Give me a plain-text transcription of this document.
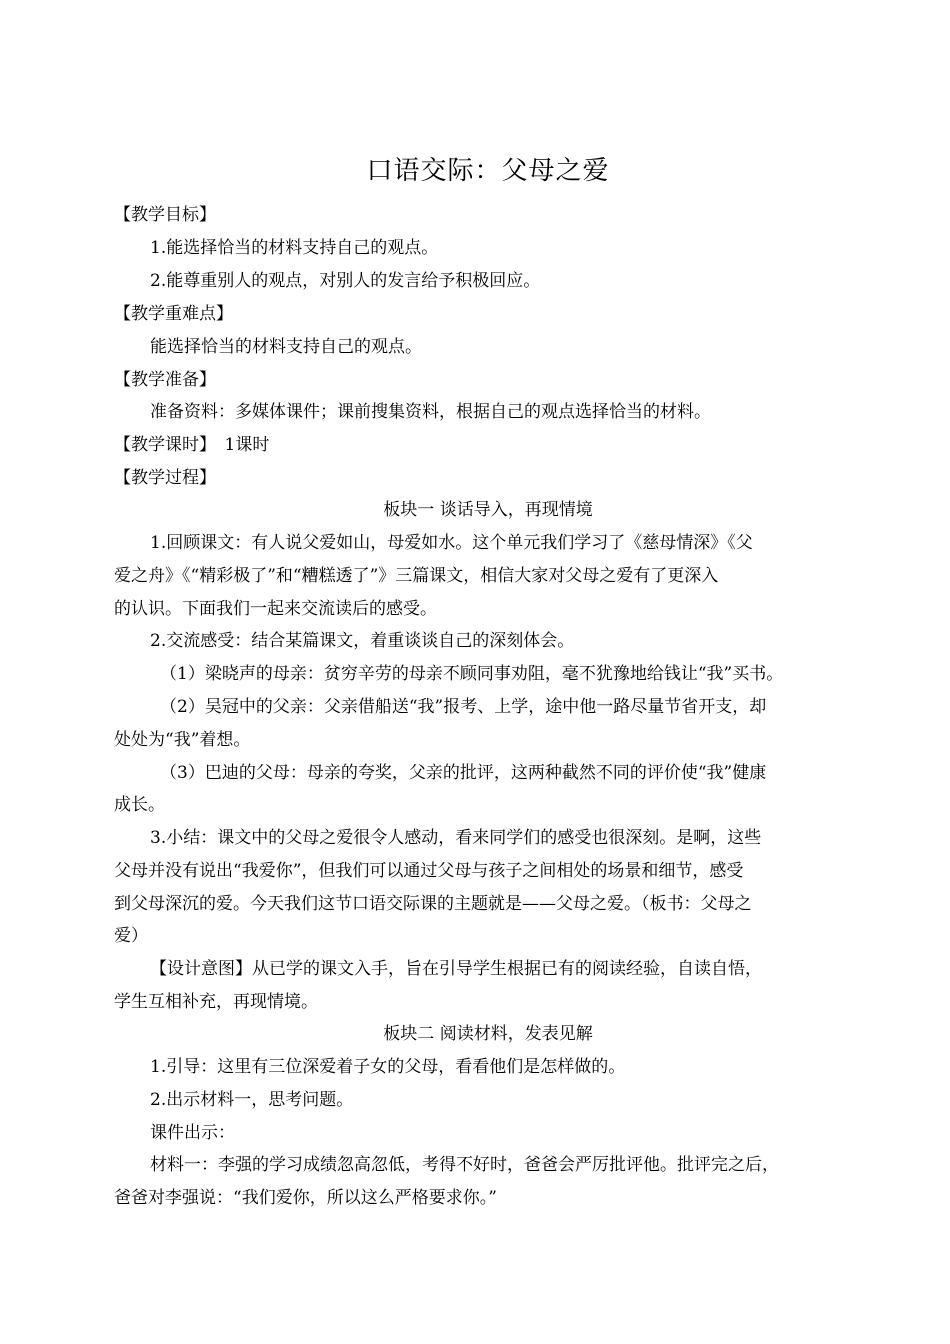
口语交际：父母之爱
【教学目标】
1.能选择恰当的材料支持自己的观点。
2.能尊重别人的观点，对别人的发言给予积极回应。
【教学重难点】
能选择恰当的材料支持自己的观点。
【教学准备】
准备资料：多媒体课件；课前搜集资料，根据自己的观点选择恰当的材料。
【教学课时】　1课时
【教学过程】
板块一 谈话导入，再现情境
1.回顾课文：有人说父爱如山，母爱如水。这个单元我们学习了《慈母情深》《父
爱之舟》《“精彩极了”和“糟糕透了”》三篇课文，相信大家对父母之爱有了更深入
的认识。下面我们一起来交流读后的感受。
2.交流感受：结合某篇课文，着重谈谈自己的深刻体会。
（1）梁晓声的母亲：贫穷辛劳的母亲不顾同事劝阻，毫不犹豫地给钱让“我”买书。
（2）吴冠中的父亲：父亲借船送“我”报考、上学，途中他一路尽量节省开支，却
处处为“我”着想。
（3）巴迪的父母：母亲的夸奖，父亲的批评，这两种截然不同的评价使“我”健康
成长。
3.小结：课文中的父母之爱很令人感动，看来同学们的感受也很深刻。是啊，这些
父母并没有说出“我爱你”，但我们可以通过父母与孩子之间相处的场景和细节，感受
到父母深沉的爱。今天我们这节口语交际课的主题就是——父母之爱。（板书：父母之
爱）
【设计意图】从已学的课文入手，旨在引导学生根据已有的阅读经验，自读自悟，
学生互相补充，再现情境。
板块二 阅读材料，发表见解
1.引导：这里有三位深爱着子女的父母，看看他们是怎样做的。
2.出示材料一，思考问题。
课件出示：
材料一：李强的学习成绩忽高忽低，考得不好时，爸爸会严厉批评他。批评完之后，
爸爸对李强说：“我们爱你，所以这么严格要求你。”
